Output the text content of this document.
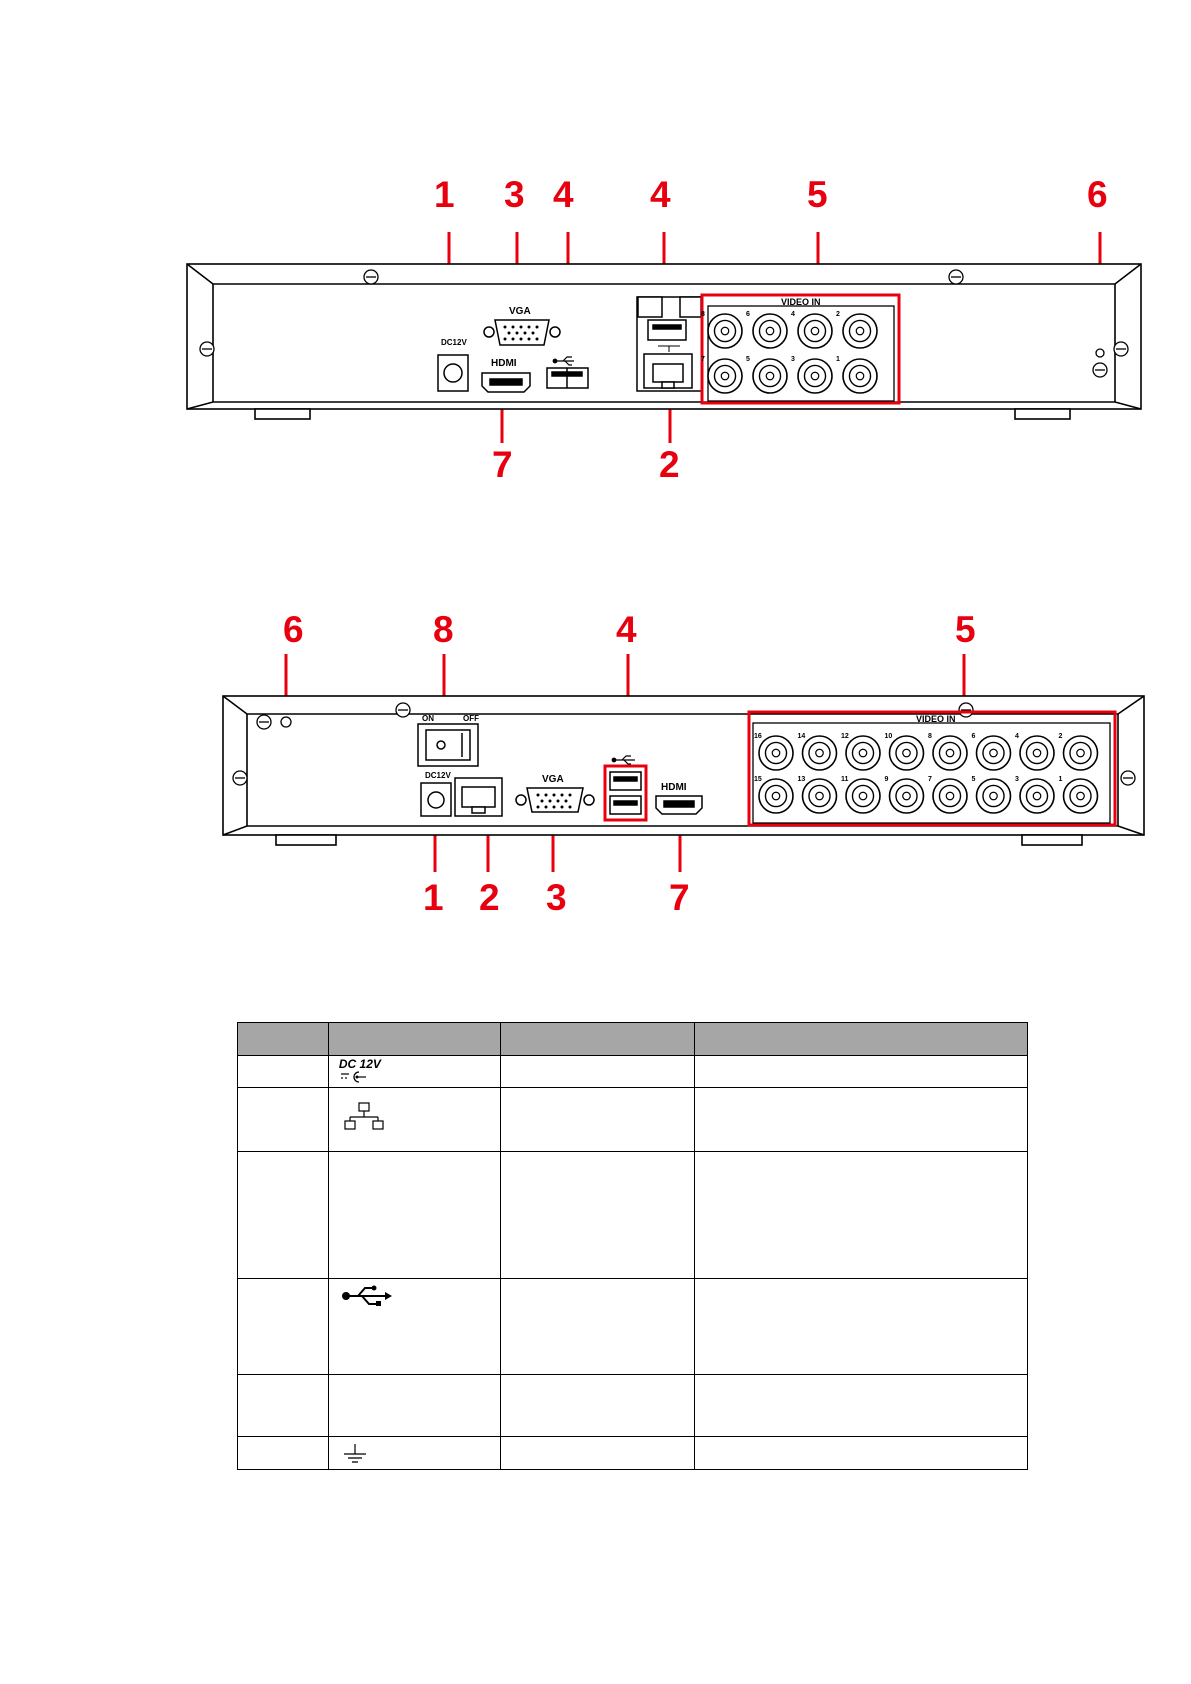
1 3 4 4	5	6
7	2
DC12V
VGA
HDMI
VIDEO IN
8	6	4	2
7	5	3	1
6	8	4	5
1 2 3	7
ON	OFF
DC12V	VGA
HDMI
VIDEO IN
16	14	12	10	8	6	4	2
15	13	11	9	7	5	3	1

	DC 12V		
